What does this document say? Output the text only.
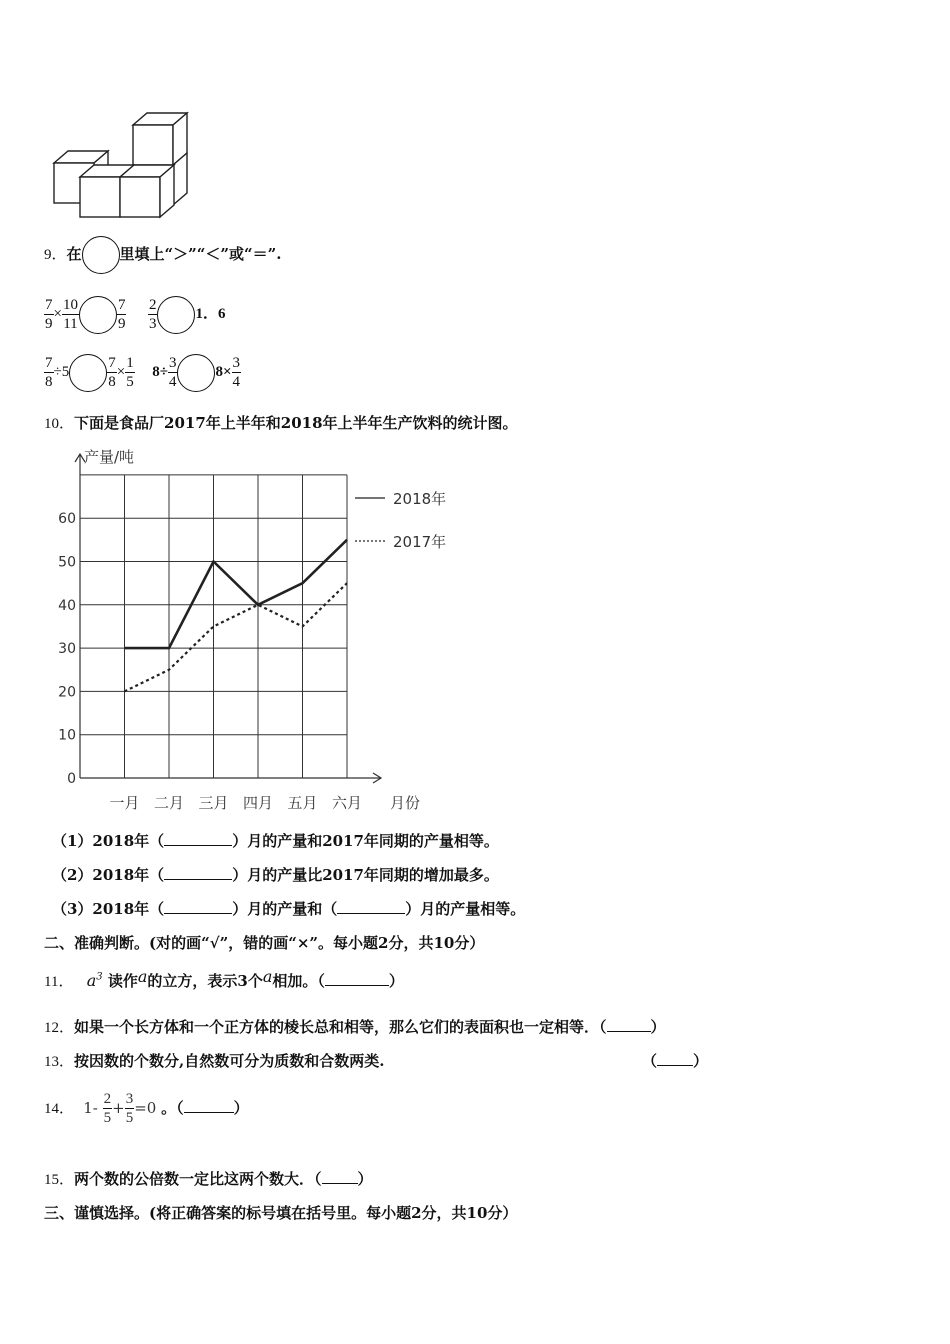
9．在	里填上“＞”“＜”或“＝”.
$\frac{7}{9} \times \frac{10}{11}$	$\frac{7}{9}$
$\frac{2}{3}$	1．6
$\frac{7}{8} \div 5$	$\frac{7}{8} \times \frac{1}{5} 8\div \frac{3}{4}$	$8\times \frac{3}{4}$
10．下面是食品厂2017年上半年和2018年上半年生产饮料的统计图。
产量/吨
0
10
20
30
40
50
60
一月 二月 三月 四月 五月 六月 月份
2018年
2017年
（1）2018年（	）月的产量和2017年同期的产量相等。
（2）2018年（	）月的产量比2017年同期的增加最多。
（3）2018年（	）月的产量和（	）月的产量相等。
二、准确判断。(对的画“√”，错的画“×”。每小题2分，共10分）
11． $a^3$ 读作a的立方，表示3个a相加。（	）
12．如果一个长方体和一个正方体的棱长总和相等，那么它们的表面积也一定相等．（	）
13．按因数的个数分,自然数可分为质数和合数两类.	（ ）
14． $1- \frac{2}{5} + \frac{3}{5} =0$ 。（	）
15．两个数的公倍数一定比这两个数大．（ ）
三、谨慎选择。(将正确答案的标号填在括号里。每小题2分，共10分）
